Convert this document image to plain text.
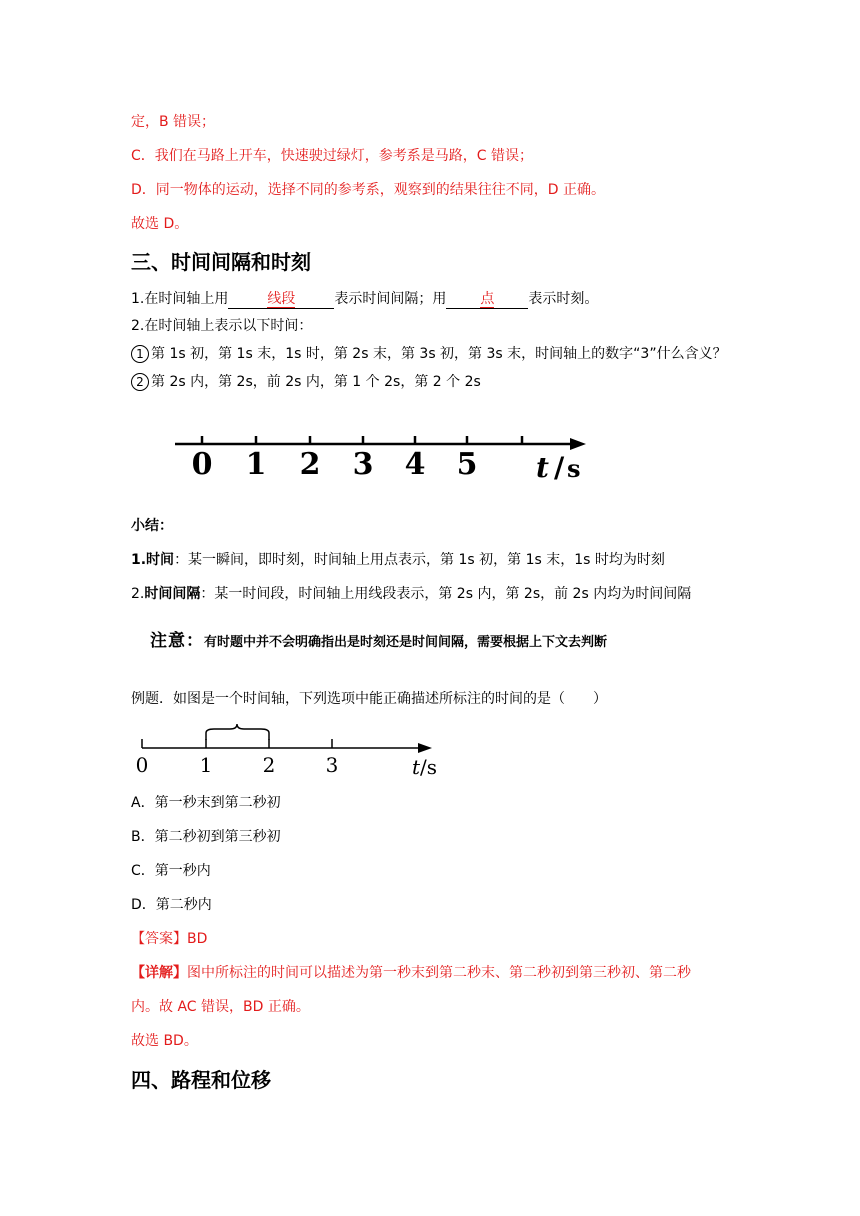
定，B 错误；
C．我们在马路上开车，快速驶过绿灯，参考系是马路，C 错误；
D．同一物体的运动，选择不同的参考系，观察到的结果往往不同，D 正确。
故选 D。
三、时间间隔和时刻
1.在时间轴上用	线段	表示时间间隔；用 点 表示时刻。
2.在时间轴上表示以下时间：
1 第 1s 初，第 1s 末，1s 时，第 2s 末，第 3s 初，第 3s 末，时间轴上的数字“3”什么含义？
2 第 2s 内，第 2s，前 2s 内，第 1 个 2s，第 2 个 2s
0 1 2 3 4 5 t / s
小结：
1.时间：某一瞬间，即时刻，时间轴上用点表示，第 1s 初，第 1s 末，1s 时均为时刻
2.时间间隔：某一时间段，时间轴上用线段表示，第 2s 内，第 2s，前 2s 内均为时间间隔
注意：有时题中并不会明确指出是时刻还是时间间隔，需要根据上下文去判断
例题．如图是一个时间轴，下列选项中能正确描述所标注的时间的是（　　）
0	1	2	3	t /s
A．第一秒末到第二秒初
B．第二秒初到第三秒初
C．第一秒内
D．第二秒内
【答案】BD
【详解】图中所标注的时间可以描述为第一秒末到第二秒末、第二秒初到第三秒初、第二秒
内。故 AC 错误，BD 正确。
故选 BD。
四、路程和位移
